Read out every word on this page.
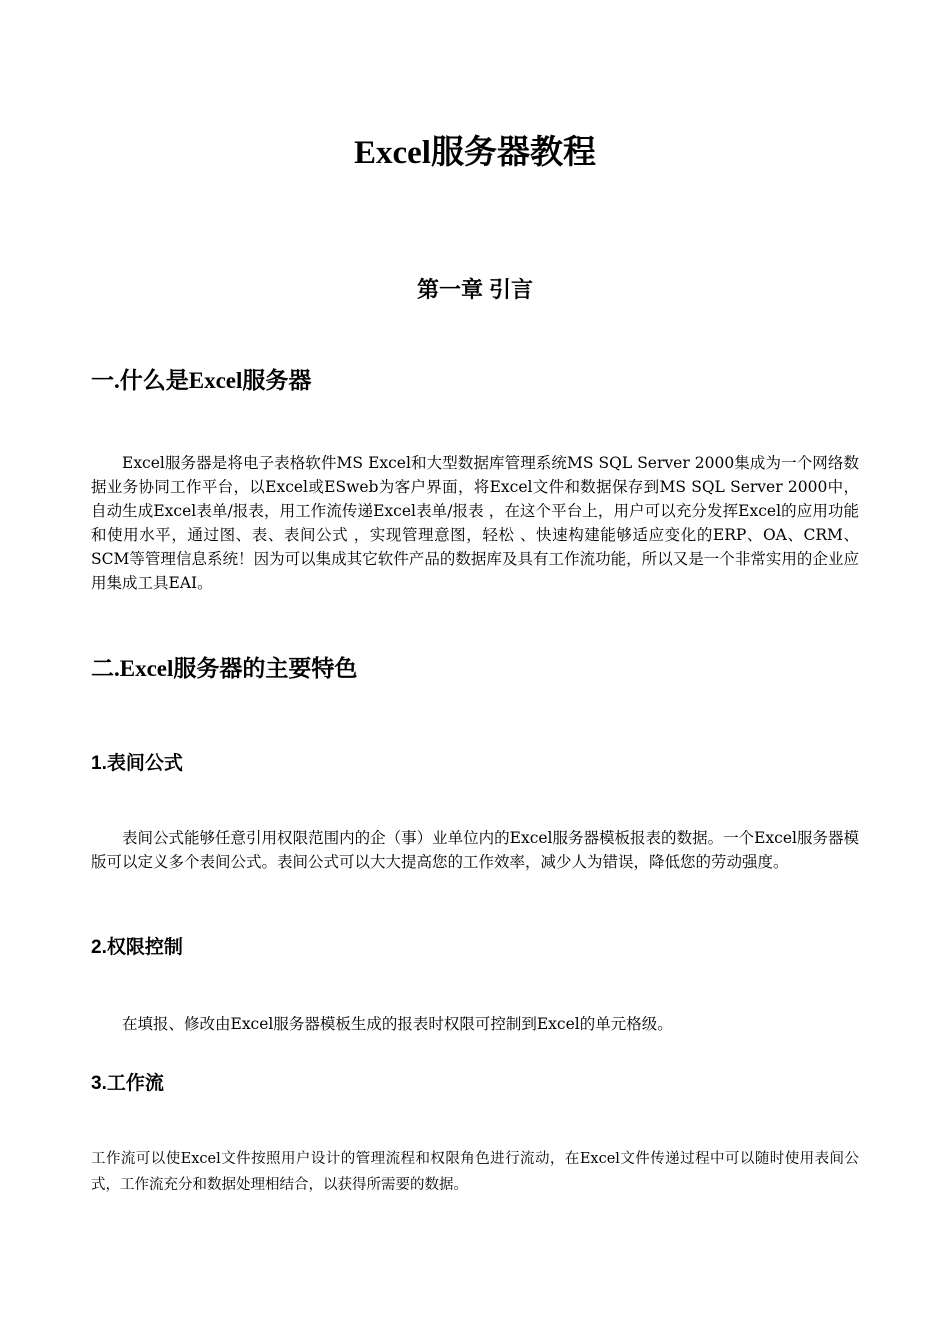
Excel服务器教程
第一章 引言
一.什么是Excel服务器

Excel服务器是将电子表格软件MS Excel和大型数据库管理系统MS SQL Server 2000集成为一个网络数据业务协同工作平台，以Excel或ESweb为客户界面，将Excel文件和数据保存到MS SQL Server 2000中，自动生成Excel表单/报表，用工作流传递Excel表单/报表 ，在这个平台上，用户可以充分发挥Excel的应用功能和使用水平，通过图、表、表间公式 ，实现管理意图，轻松 、快速构建能够适应变化的ERP、OA、CRM、SCM等管理信息系统！因为可以集成其它软件产品的数据库及具有工作流功能，所以又是一个非常实用的企业应用集成工具EAI。

二.Excel服务器的主要特色
1.表间公式

表间公式能够任意引用权限范围内的企（事）业单位内的Excel服务器模板报表的数据。一个Excel服务器模版可以定义多个表间公式。表间公式可以大大提高您的工作效率，减少人为错误，降低您的劳动强度。

2.权限控制

在填报、修改由Excel服务器模板生成的报表时权限可控制到Excel的单元格级。

3.工作流

工作流可以使Excel文件按照用户设计的管理流程和权限角色进行流动，在Excel文件传递过程中可以随时使用表间公式，工作流充分和数据处理相结合，以获得所需要的数据。
